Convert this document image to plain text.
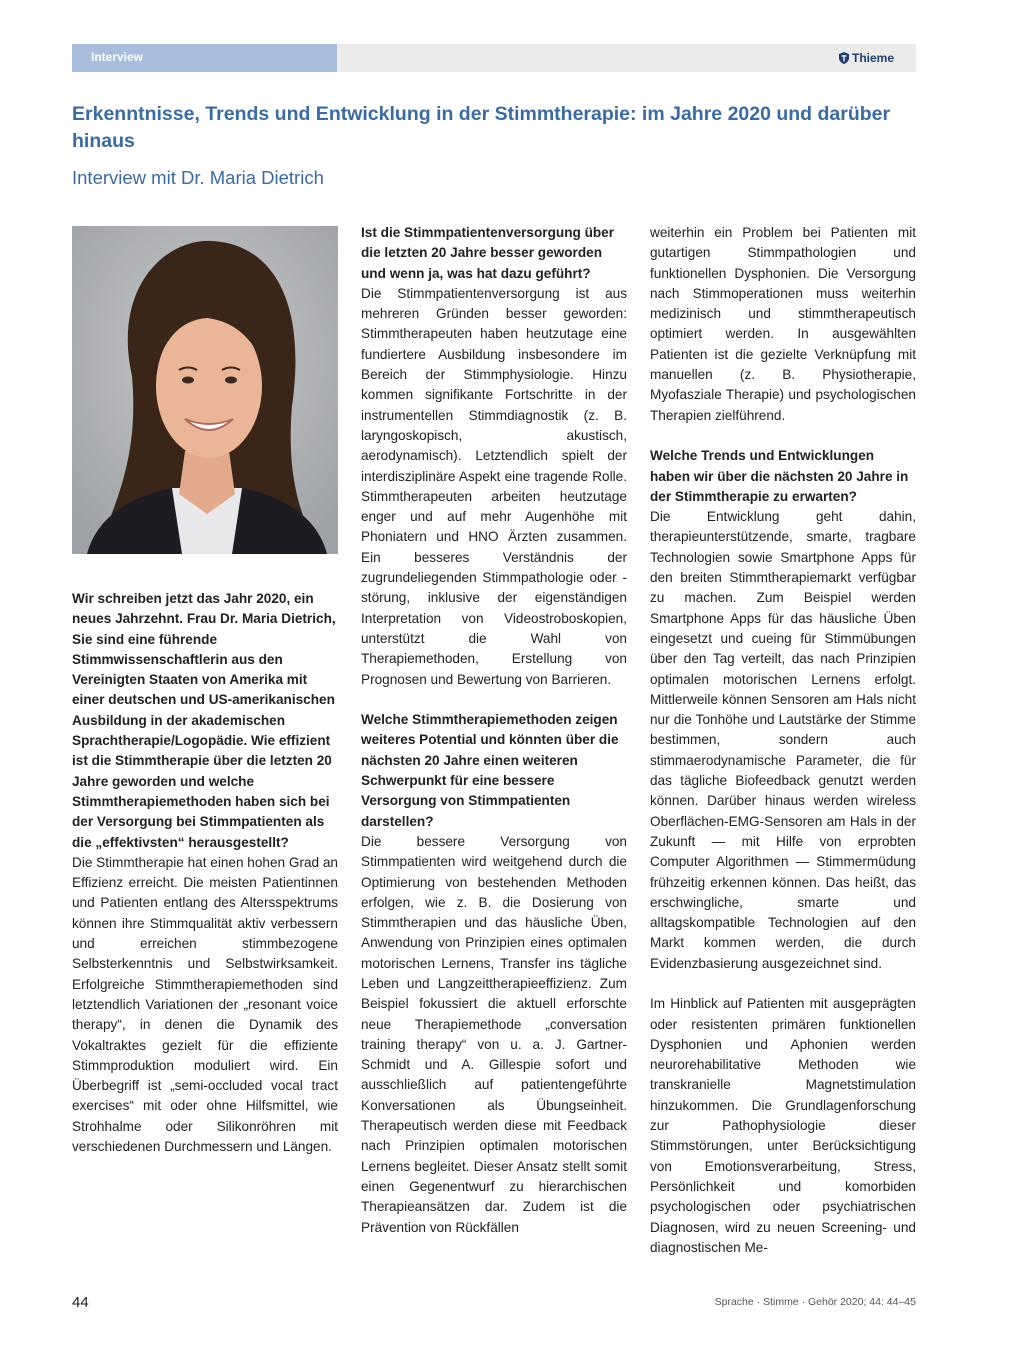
Interview	Thieme
Erkenntnisse, Trends und Entwicklung in der Stimmtherapie: im Jahre 2020 und darüber hinaus
Interview mit Dr. Maria Dietrich

Wir schreiben jetzt das Jahr 2020, ein neues Jahrzehnt. Frau Dr. Maria Dietrich, Sie sind eine führende Stimmwissenschaftlerin aus den Vereinigten Staaten von Amerika mit einer deutschen und US-amerikanischen Ausbildung in der akademischen Sprachtherapie/Logopädie. Wie effizient ist die Stimmtherapie über die letzten 20 Jahre geworden und welche Stimmtherapiemethoden haben sich bei der Versorgung bei Stimmpatienten als die „effektivsten“ herausgestellt?

Die Stimmtherapie hat einen hohen Grad an Effizienz erreicht. Die meisten Patientinnen und Patienten entlang des Altersspektrums können ihre Stimmqualität aktiv verbessern und erreichen stimmbezogene Selbsterkenntnis und Selbstwirksamkeit. Erfolgreiche Stimmtherapiemethoden sind letztendlich Variationen der „resonant voice therapy“, in denen die Dynamik des Vokaltraktes gezielt für die effiziente Stimmproduktion moduliert wird. Ein Überbegriff ist „semi-occluded vocal tract exercises“ mit oder ohne Hilfsmittel, wie Strohhalme oder Silikonröhren mit verschiedenen Durchmessern und Längen.

Ist die Stimmpatientenversorgung über die letzten 20 Jahre besser geworden und wenn ja, was hat dazu geführt?

Die Stimmpatientenversorgung ist aus mehreren Gründen besser geworden: Stimmtherapeuten haben heutzutage eine fundiertere Ausbildung insbesondere im Bereich der Stimmphysiologie. Hinzu kommen signifikante Fortschritte in der instrumentellen Stimmdiagnostik (z. B. laryngoskopisch, akustisch, aerodynamisch). Letztendlich spielt der interdisziplinäre Aspekt eine tragende Rolle. Stimmtherapeuten arbeiten heutzutage enger und auf mehr Augenhöhe mit Phoniatern und HNO Ärzten zusammen. Ein besseres Verständnis der zugrundeliegenden Stimmpathologie oder -störung, inklusive der eigenständigen Interpretation von Videostroboskopien, unterstützt die Wahl von Therapiemethoden, Erstellung von Prognosen und Bewertung von Barrieren.

Welche Stimmtherapiemethoden zeigen weiteres Potential und könnten über die nächsten 20 Jahre einen weiteren Schwerpunkt für eine bessere Versorgung von Stimmpatienten darstellen?

Die bessere Versorgung von Stimmpatienten wird weitgehend durch die Optimierung von bestehenden Methoden erfolgen, wie z. B. die Dosierung von Stimmtherapien und das häusliche Üben, Anwendung von Prinzipien eines optimalen motorischen Lernens, Transfer ins tägliche Leben und Langzeittherapieeffizienz. Zum Beispiel fokussiert die aktuell erforschte neue Therapiemethode „conversation training therapy“ von u. a. J. Gartner-Schmidt und A. Gillespie sofort und ausschließlich auf patientengeführte Konversationen als Übungseinheit. Therapeutisch werden diese mit Feedback nach Prinzipien optimalen motorischen Lernens begleitet. Dieser Ansatz stellt somit einen Gegenentwurf zu hierarchischen Therapieansätzen dar. Zudem ist die Prävention von Rückfällen

weiterhin ein Problem bei Patienten mit gutartigen Stimmpathologien und funktionellen Dysphonien. Die Versorgung nach Stimmoperationen muss weiterhin medizinisch und stimmtherapeutisch optimiert werden. In ausgewählten Patienten ist die gezielte Verknüpfung mit manuellen (z. B. Physiotherapie, Myofasziale Therapie) und psychologischen Therapien zielführend.

Welche Trends und Entwicklungen haben wir über die nächsten 20 Jahre in der Stimmtherapie zu erwarten?

Die Entwicklung geht dahin, therapieunterstützende, smarte, tragbare Technologien sowie Smartphone Apps für den breiten Stimmtherapiemarkt verfügbar zu machen. Zum Beispiel werden Smartphone Apps für das häusliche Üben eingesetzt und cueing für Stimmübungen über den Tag verteilt, das nach Prinzipien optimalen motorischen Lernens erfolgt. Mittlerweile können Sensoren am Hals nicht nur die Tonhöhe und Lautstärke der Stimme bestimmen, sondern auch stimmaerodynamische Parameter, die für das tägliche Biofeedback genutzt werden können. Darüber hinaus werden wireless Oberflächen-EMG-Sensoren am Hals in der Zukunft — mit Hilfe von erprobten Computer Algorithmen — Stimmermüdung frühzeitig erkennen können. Das heißt, das erschwingliche, smarte und alltagskompatible Technologien auf den Markt kommen werden, die durch Evidenzbasierung ausgezeichnet sind.

Im Hinblick auf Patienten mit ausgeprägten oder resistenten primären funktionellen Dysphonien und Aphonien werden neurorehabilitative Methoden wie transkranielle Magnetstimulation hinzukommen. Die Grundlagenforschung zur Pathophysiologie dieser Stimmstörungen, unter Berücksichtigung von Emotionsverarbeitung, Stress, Persönlichkeit und komorbiden psychologischen oder psychiatrischen Diagnosen, wird zu neuen Screening- und diagnostischen Me-

44	Sprache · Stimme · Gehör 2020; 44: 44–45
